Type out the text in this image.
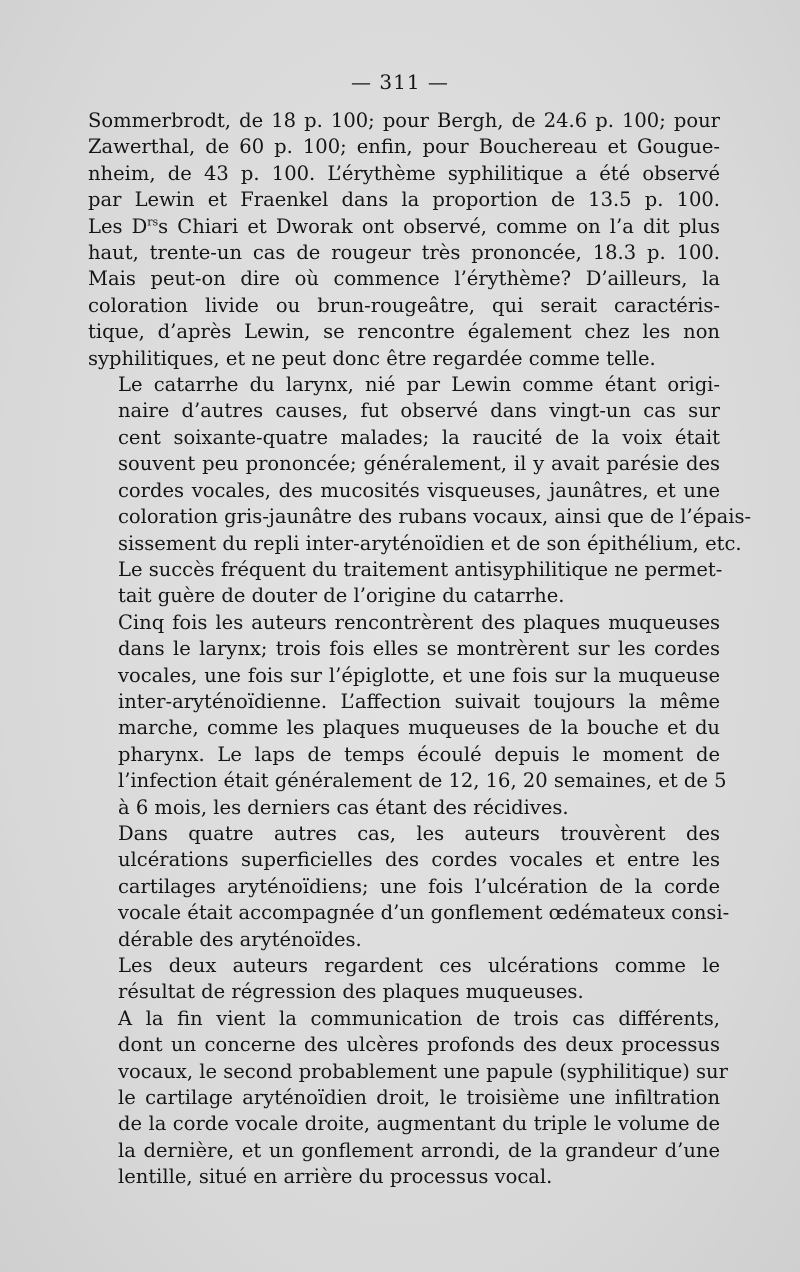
— 311 —

Sommerbrodt, de 18 p. 100; pour Bergh, de 24.6 p. 100; pour
Zawerthal, de 60 p. 100; enfin, pour Bouchereau et Gougue-
nheim, de 43 p. 100. L’érythème syphilitique a été observé
par Lewin et Fraenkel dans la proportion de 13.5 p. 100.
Les $D^{rs}s$ Chiari et Dworak ont observé, comme on l’a dit plus
haut, trente-un cas de rougeur très prononcée, 18.3 p. 100.
Mais peut-on dire où commence l’érythème? D’ailleurs, la
coloration livide ou brun-rougeâtre, qui serait caractéris-
tique, d’après Lewin, se rencontre également chez les non
syphilitiques, et ne peut donc être regardée comme telle.

Le catarrhe du larynx, nié par Lewin comme étant origi-
naire d’autres causes, fut observé dans vingt-un cas sur
cent soixante-quatre malades; la raucité de la voix était
souvent peu prononcée; généralement, il y avait parésie des
cordes vocales, des mucosités visqueuses, jaunâtres, et une
coloration gris-jaunâtre des rubans vocaux, ainsi que de l’épais-
sissement du repli inter-aryténoïdien et de son épithélium, etc.
Le succès fréquent du traitement antisyphilitique ne permet-
tait guère de douter de l’origine du catarrhe.

Cinq fois les auteurs rencontrèrent des plaques muqueuses
dans le larynx; trois fois elles se montrèrent sur les cordes
vocales, une fois sur l’épiglotte, et une fois sur la muqueuse
inter-aryténoïdienne. L’affection suivait toujours la même
marche, comme les plaques muqueuses de la bouche et du
pharynx. Le laps de temps écoulé depuis le moment de
l’infection était généralement de 12, 16, 20 semaines, et de 5
à 6 mois, les derniers cas étant des récidives.

Dans quatre autres cas, les auteurs trouvèrent des
ulcérations superficielles des cordes vocales et entre les
cartilages aryténoïdiens; une fois l’ulcération de la corde
vocale était accompagnée d’un gonflement œdémateux consi-
dérable des aryténoïdes.

Les deux auteurs regardent ces ulcérations comme le
résultat de régression des plaques muqueuses.

A la fin vient la communication de trois cas différents,
dont un concerne des ulcères profonds des deux processus
vocaux, le second probablement une papule (syphilitique) sur
le cartilage aryténoïdien droit, le troisième une infiltration
de la corde vocale droite, augmentant du triple le volume de
la dernière, et un gonflement arrondi, de la grandeur d’une
lentille, situé en arrière du processus vocal.
